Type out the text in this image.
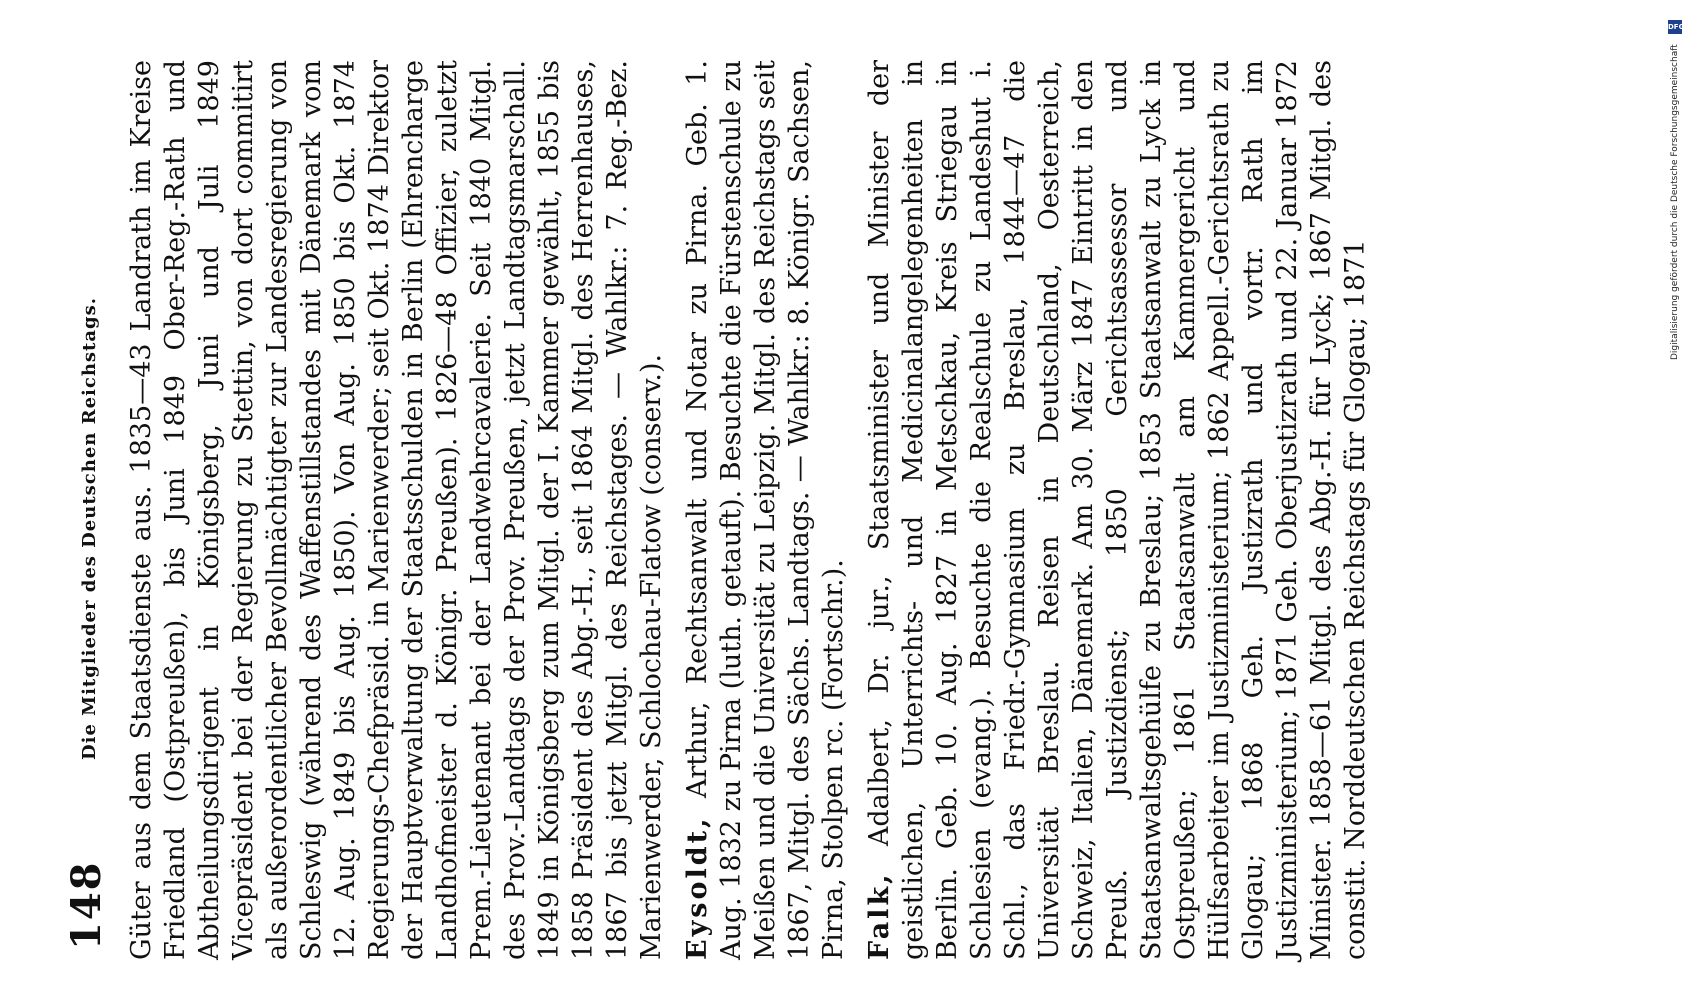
148
Die Mitglieder des Deutschen Reichstags. Güter aus dem Staatsdienste aus. 1835—43 Landrath im Kreise Friedland (Ostpreußen), bis Juni 1849 Ober-Reg.-Rath und Abtheilungsdirigent in Königsberg, Juni und Juli 1849 Vicepräsident bei der Regierung zu Stettin, von dort commitirt als außerordentlicher Bevollmächtigter zur Landesregierung von Schleswig (während des Waffenstillstandes mit Dänemark vom 12. Aug. 1849 bis Aug. 1850). Von Aug. 1850 bis Okt. 1874 Regierungs-Chefpräsid. in Marienwerder; seit Okt. 1874 Direktor der Hauptverwaltung der Staatsschulden in Berlin (Ehrencharge Landhofmeister d. Königr. Preußen). 1826—48 Offizier, zuletzt Prem.-Lieutenant bei der Landwehrcavalerie. Seit 1840 Mitgl. des Prov.-Landtags der Prov. Preußen, jetzt Landtagsmarschall. 1849 in Königsberg zum Mitgl. der I. Kammer gewählt, 1855 bis 1858 Präsident des Abg.-H., seit 1864 Mitgl. des Herrenhauses, 1867 bis jetzt Mitgl. des Reichstages. — Wahlkr.: 7. Reg.-Bez. Marienwerder, Schlochau-Flatow (conserv.). Eysoldt, Arthur, Rechtsanwalt und Notar zu Pirna. Geb. 1. Aug. 1832 zu Pirna (luth. getauft). Besuchte die Fürstenschule zu Meißen und die Universität zu Leipzig. Mitgl. des Reichstags seit 1867, Mitgl. des Sächs. Landtags. — Wahlkr.: 8. Königr. Sachsen, Pirna, Stolpen rc. (Fortschr.). Falk, Adalbert, Dr. jur., Staatsminister und Minister der geistlichen, Unterrichts- und Medicinalangelegenheiten in Berlin. Geb. 10. Aug. 1827 in Metschkau, Kreis Striegau in Schlesien (evang.). Besuchte die Realschule zu Landeshut i. Schl., das Friedr.-Gymnasium zu Breslau, 1844—47 die Universität Breslau. Reisen in Deutschland, Oesterreich, Schweiz, Italien, Dänemark. Am 30. März 1847 Eintritt in den Preuß. Justizdienst; 1850 Gerichtsassessor und Staatsanwaltsgehülfe zu Breslau; 1853 Staatsanwalt zu Lyck in Ostpreußen; 1861 Staatsanwalt am Kammergericht und Hülfsarbeiter im Justizministerium; 1862 Appell.-Gerichtsrath zu Glogau; 1868 Geh. Justizrath und vortr. Rath im Justizministerium; 1871 Geh. Oberjustizrath und 22. Januar 1872 Minister. 1858—61 Mitgl. des Abg.-H. für Lyck; 1867 Mitgl. des constit. Norddeutschen Reichstags für Glogau; 1871

DFG
Digitalisierung gefördert durch die Deutsche Forschungsgemeinschaft
